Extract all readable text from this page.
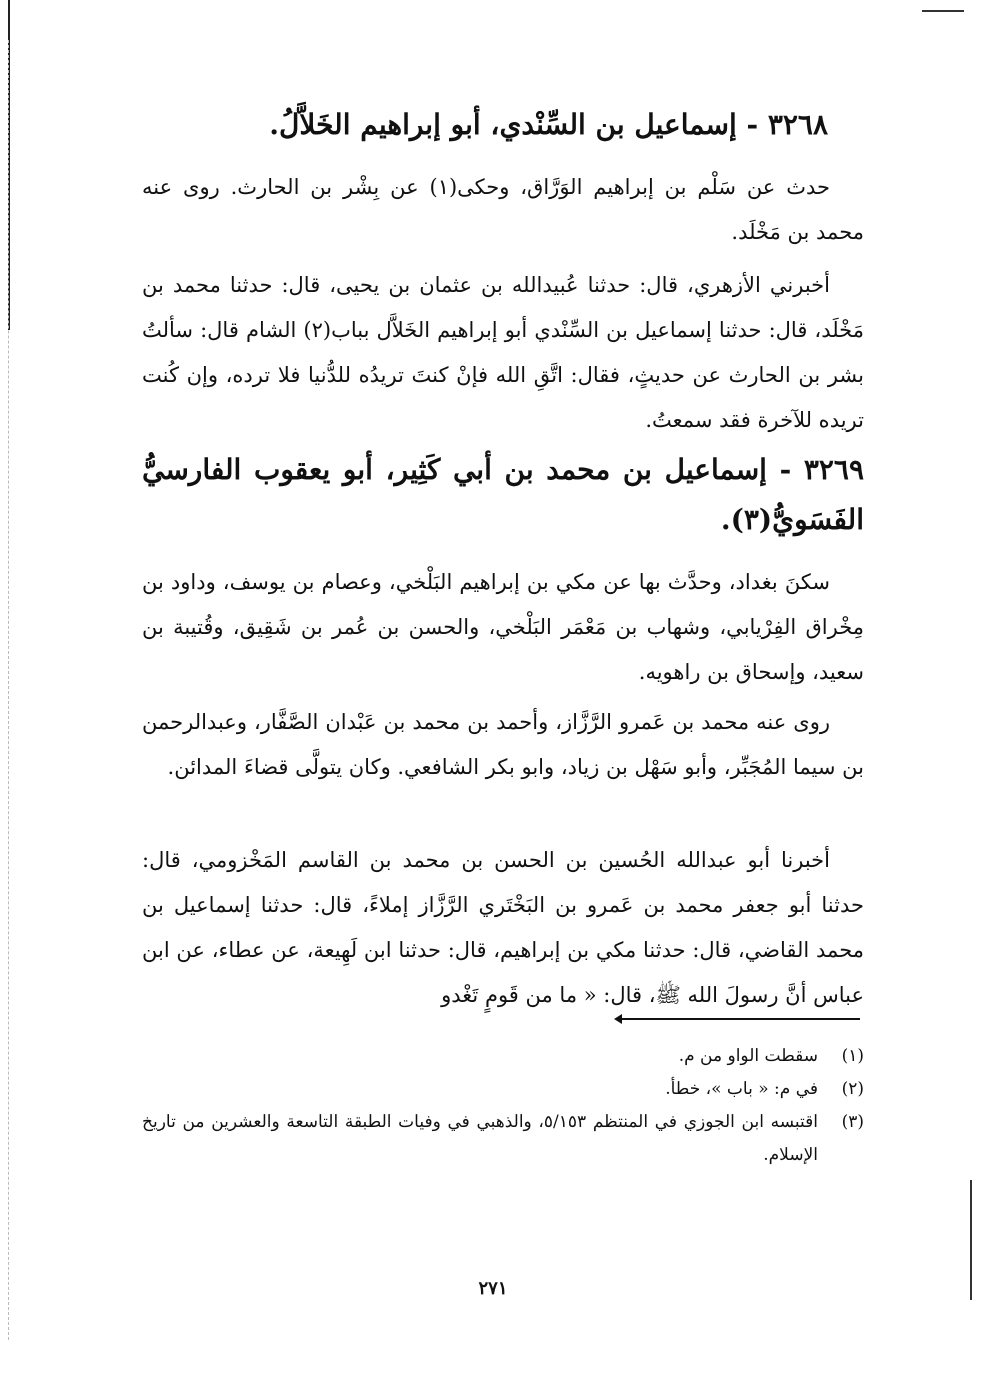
٣٢٦٨ - إسماعيل بن السِّنْدي، أبو إبراهيم الخَلاَّلُ.
حدث عن سَلْم بن إبراهيم الوَرَّاق، وحكى(١) عن بِشْر بن الحارث. روى عنه محمد بن مَخْلَد.
أخبرني الأزهري، قال: حدثنا عُبيدالله بن عثمان بن يحيى، قال: حدثنا محمد بن مَخْلَد، قال: حدثنا إسماعيل بن السِّنْدي أبو إبراهيم الخَلاَّل بباب(٢) الشام قال: سألتُ بشر بن الحارث عن حديثٍ، فقال: اتَّقِ الله فإنْ كنتَ تريدُه للدُّنيا فلا ترده، وإن كُنت تريده للآخرة فقد سمعتُ.
٣٢٦٩ - إسماعيل بن محمد بن أبي كَثِير، أبو يعقوب الفارسيُّ الفَسَويُّ(٣).
سكنَ بغداد، وحدَّث بها عن مكي بن إبراهيم البَلْخي، وعصام بن يوسف، وداود بن مِخْراق الفِرْيابي، وشهاب بن مَعْمَر البَلْخي، والحسن بن عُمر بن شَقِيق، وقُتيبة بن سعيد، وإسحاق بن راهويه.
روى عنه محمد بن عَمرو الرَّزَّاز، وأحمد بن محمد بن عَبْدان الصَّفَّار، وعبدالرحمن بن سيما المُجَبِّر، وأبو سَهْل بن زياد، وابو بكر الشافعي. وكان يتولَّى قضاءَ المدائن.
أخبرنا أبو عبدالله الحُسين بن الحسن بن محمد بن القاسم المَخْزومي، قال: حدثنا أبو جعفر محمد بن عَمرو بن البَخْتَري الرَّزَّاز إملاءً، قال: حدثنا إسماعيل بن محمد القاضي، قال: حدثنا مكي بن إبراهيم، قال: حدثنا ابن لَهِيعة، عن عطاء، عن ابن عباس أنَّ رسولَ الله ﷺ، قال: « ما من قَومٍ تَغْدو
(١)
سقطت الواو من م.
(٢)
في م: « باب »، خطأ.
(٣)
اقتبسه ابن الجوزي في المنتظم ٥/١٥٣، والذهبي في وفيات الطبقة التاسعة والعشرين من تاريخ الإسلام.
٢٧١
